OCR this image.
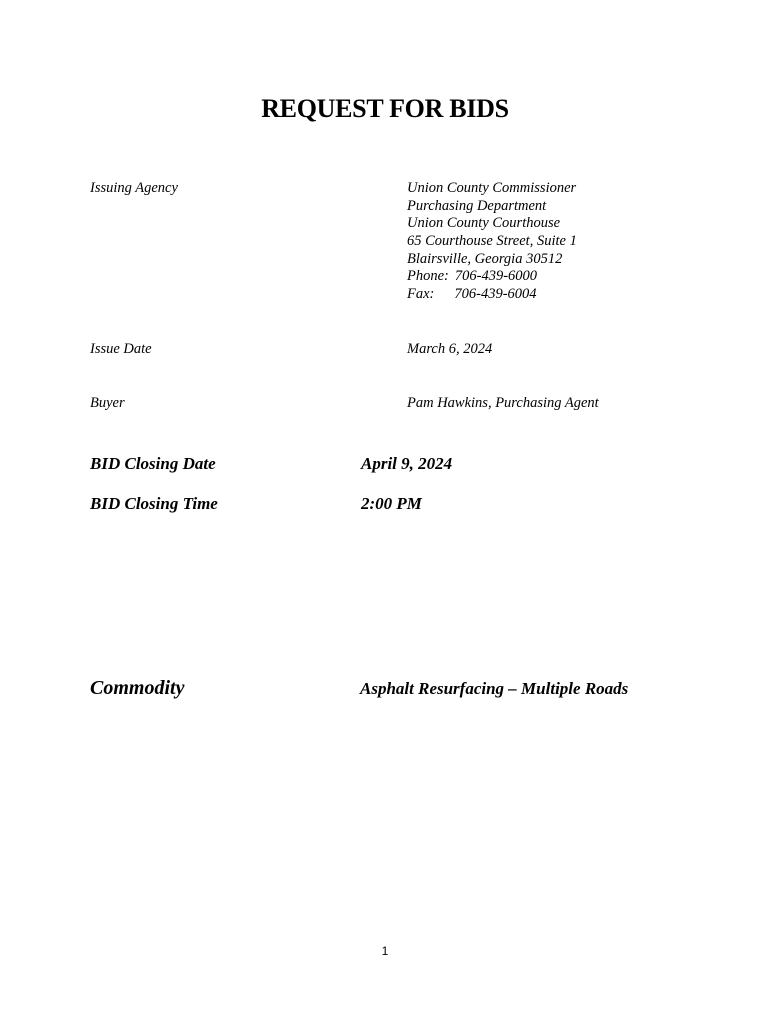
REQUEST FOR BIDS
Issuing Agency	Union County Commissioner
Purchasing Department
Union County Courthouse
65 Courthouse Street, Suite 1
Blairsville, Georgia 30512
Phone: 706-439-6000
Fax: 706-439-6004
Issue Date	March 6, 2024
Buyer	Pam Hawkins, Purchasing Agent
BID Closing Date	April 9, 2024
BID Closing Time	2:00 PM
Commodity	Asphalt Resurfacing – Multiple Roads
1
